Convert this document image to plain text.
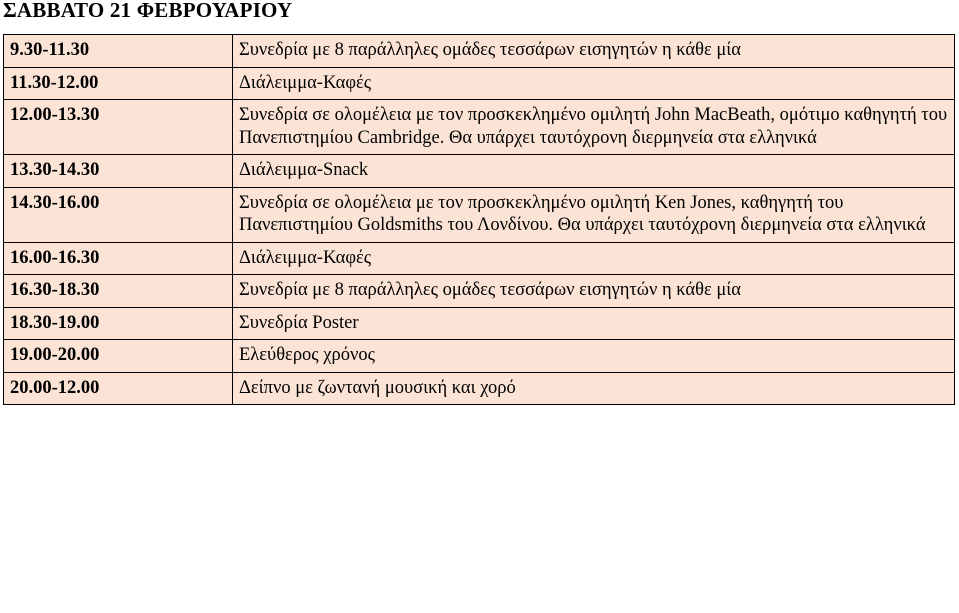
ΣΑΒΒΑΤΟ 21 ΦΕΒΡΟΥΑΡΙΟΥ
9.30-11.30	Συνεδρία με 8 παράλληλες ομάδες τεσσάρων εισηγητών η κάθε μία
11.30-12.00	Διάλειμμα-Καφές
12.00-13.30	Συνεδρία σε ολομέλεια με τον προσκεκλημένο ομιλητή John MacBeath, ομότιμο καθηγητή του Πανεπιστημίου Cambridge. Θα υπάρχει ταυτόχρονη διερμηνεία στα ελληνικά
13.30-14.30	Διάλειμμα-Snack
14.30-16.00	Συνεδρία σε ολομέλεια με τον προσκεκλημένο ομιλητή Ken Jones, καθηγητή του Πανεπιστημίου Goldsmiths του Λονδίνου. Θα υπάρχει ταυτόχρονη διερμηνεία στα ελληνικά
16.00-16.30	Διάλειμμα-Καφές
16.30-18.30	Συνεδρία με 8 παράλληλες ομάδες τεσσάρων εισηγητών η κάθε μία
18.30-19.00	Συνεδρία Poster
19.00-20.00	Ελεύθερος χρόνος
20.00-12.00	Δείπνο με ζωντανή μουσική και χορό
